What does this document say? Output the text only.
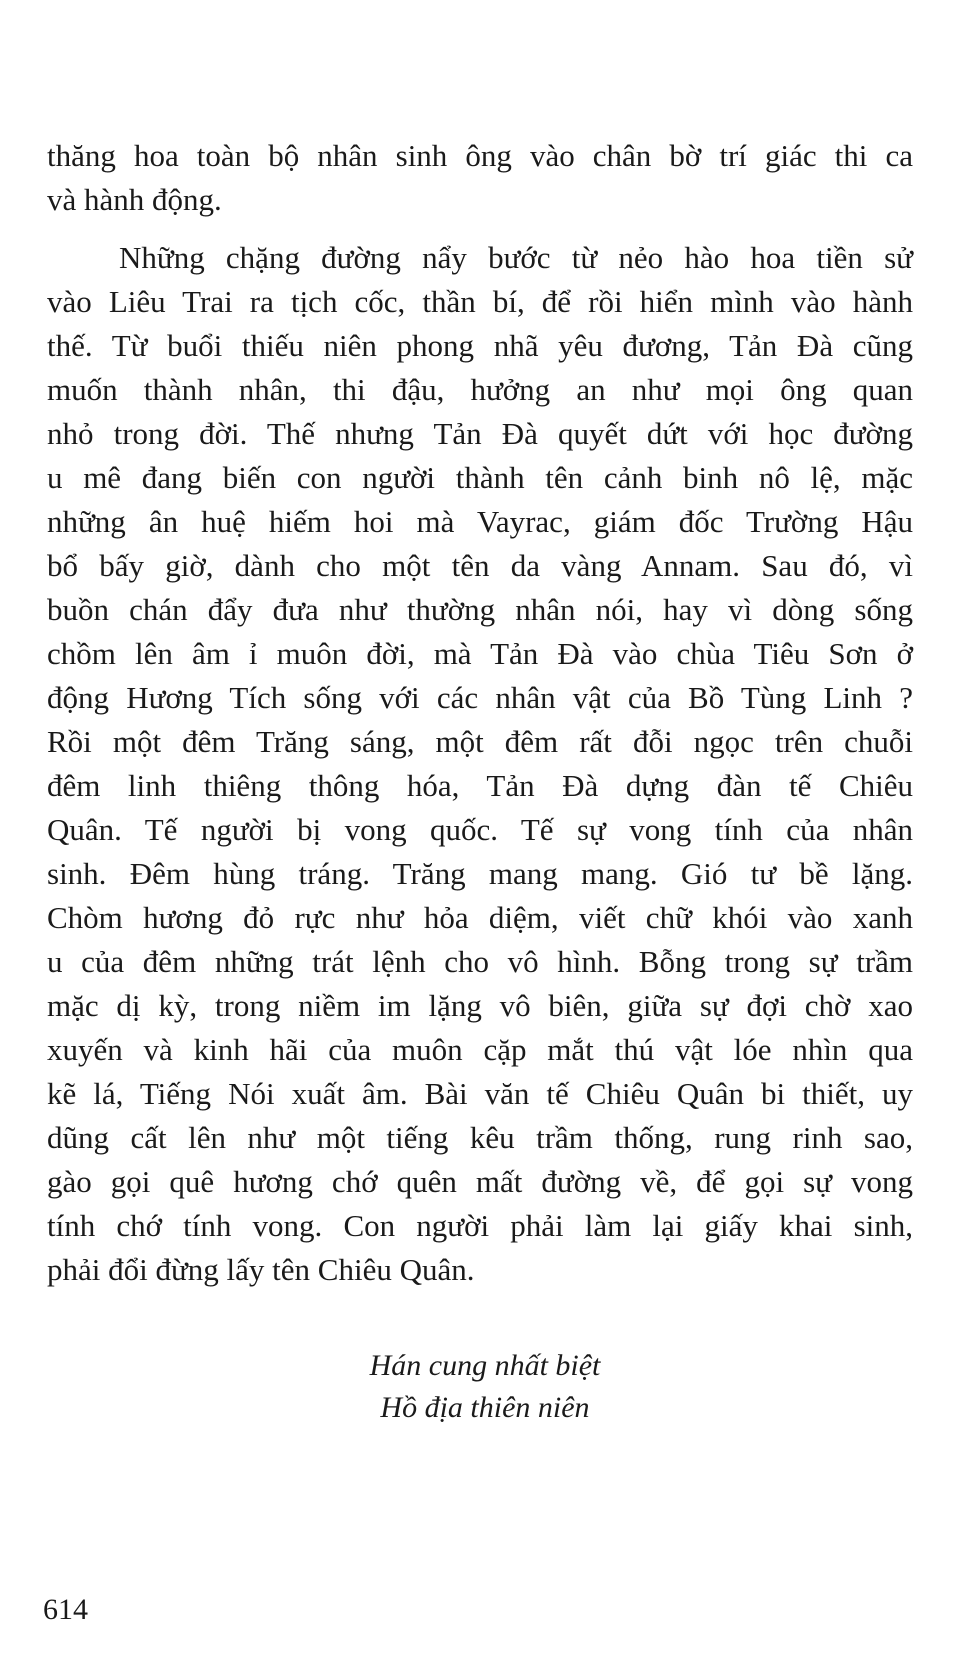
thăng hoa toàn bộ nhân sinh ông vào chân bờ trí giác thi ca
và hành động.
Những chặng đường nẩy bước từ nẻo hào hoa tiền sử
vào Liêu Trai ra tịch cốc, thần bí, để rồi hiển mình vào hành
thế. Từ buổi thiếu niên phong nhã yêu đương, Tản Đà cũng
muốn thành nhân, thi đậu, hưởng an như mọi ông quan
nhỏ trong đời. Thế nhưng Tản Đà quyết dứt với học đường
u mê đang biến con người thành tên cảnh binh nô lệ, mặc
những ân huệ hiếm hoi mà Vayrac, giám đốc Trường Hậu
bổ bấy giờ, dành cho một tên da vàng Annam. Sau đó, vì
buồn chán đẩy đưa như thường nhân nói, hay vì dòng sống
chồm lên âm ỉ muôn đời, mà Tản Đà vào chùa Tiêu Sơn ở
động Hương Tích sống với các nhân vật của Bồ Tùng Linh ?
Rồi một đêm Trăng sáng, một đêm rất đỗi ngọc trên chuỗi
đêm linh thiêng thông hóa, Tản Đà dựng đàn tế Chiêu
Quân. Tế người bị vong quốc. Tế sự vong tính của nhân
sinh. Đêm hùng tráng. Trăng mang mang. Gió tư bề lặng.
Chòm hương đỏ rực như hỏa diệm, viết chữ khói vào xanh
u của đêm những trát lệnh cho vô hình. Bỗng trong sự trầm
mặc dị kỳ, trong niềm im lặng vô biên, giữa sự đợi chờ xao
xuyến và kinh hãi của muôn cặp mắt thú vật lóe nhìn qua
kẽ lá, Tiếng Nói xuất âm. Bài văn tế Chiêu Quân bi thiết, uy
dũng cất lên như một tiếng kêu trầm thống, rung rinh sao,
gào gọi quê hương chớ quên mất đường về, để gọi sự vong
tính chớ tính vong. Con người phải làm lại giấy khai sinh,
phải đổi đừng lấy tên Chiêu Quân.
Hán cung nhất biệt
Hồ địa thiên niên
614
